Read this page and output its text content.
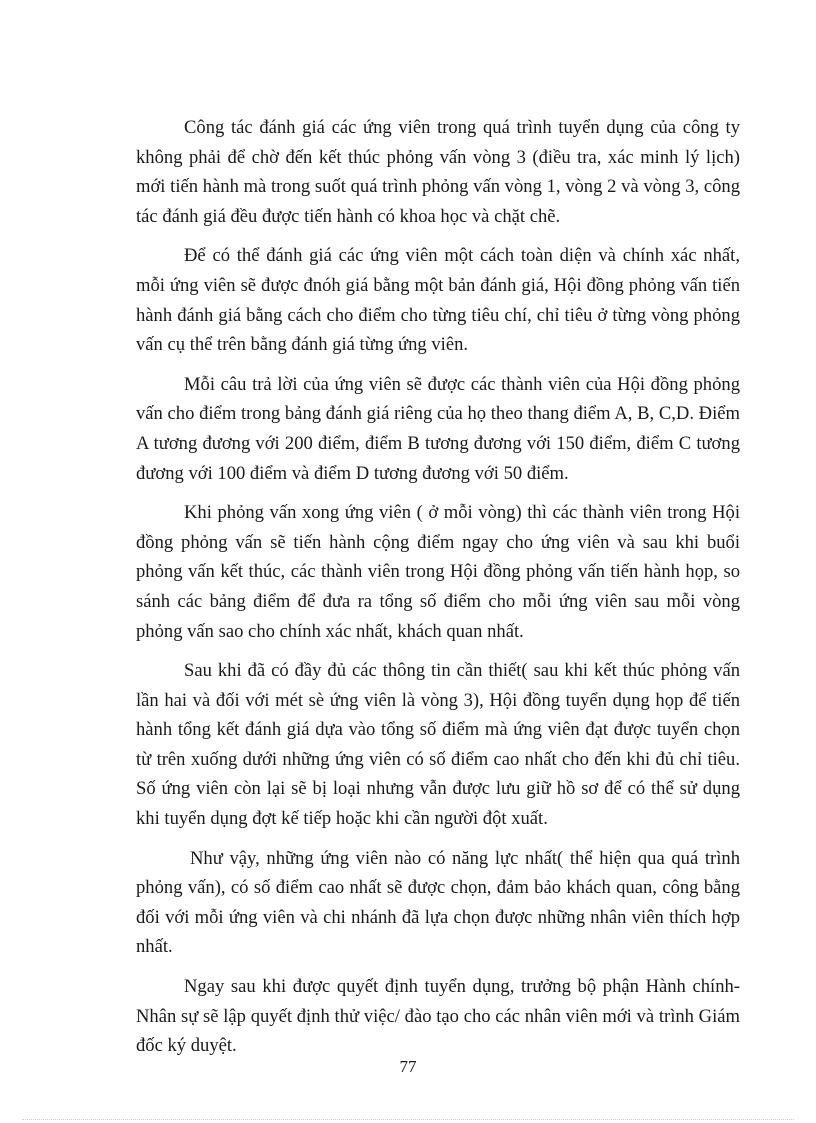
Công tác đánh giá các ứng viên trong quá trình tuyển dụng của công ty không phải để chờ đến kết thúc phỏng vấn vòng 3 (điều tra, xác minh lý lịch) mới tiến hành mà trong suốt quá trình phỏng vấn vòng 1, vòng 2 và vòng 3, công tác đánh giá đều được tiến hành có khoa học và chặt chẽ.

Để có thể đánh giá các ứng viên một cách toàn diện và chính xác nhất, mỗi ứng viên sẽ được đnóh giá bằng một bản đánh giá, Hội đồng phỏng vấn tiến hành đánh giá bằng cách cho điểm cho từng tiêu chí, chỉ tiêu ở từng vòng phỏng vấn cụ thể trên bằng đánh giá từng ứng viên.

Mỗi câu trả lời của ứng viên sẽ được các thành viên của Hội đồng phỏng vấn cho điểm trong bảng đánh giá riêng của họ theo thang điểm A, B, C,D. Điểm A tương đương với 200 điểm, điểm B tương đương với 150 điểm, điểm C tương đương với 100 điểm và điểm D tương đương với 50 điểm.

Khi phỏng vấn xong ứng viên ( ở mỗi vòng) thì các thành viên trong Hội đồng phỏng vấn sẽ tiến hành cộng điểm ngay cho ứng viên và sau khi buổi phỏng vấn kết thúc, các thành viên trong Hội đồng phỏng vấn tiến hành họp, so sánh các bảng điểm để đưa ra tổng số điểm cho mỗi ứng viên sau mỗi vòng phỏng vấn sao cho chính xác nhất, khách quan nhất.

Sau khi đã có đầy đủ các thông tin cần thiết( sau khi kết thúc phỏng vấn lần hai và đối với mét sè ứng viên là vòng 3), Hội đồng tuyển dụng họp để tiến hành tổng kết đánh giá dựa vào tổng số điểm mà ứng viên đạt được tuyển chọn từ trên xuống dưới những ứng viên có số điểm cao nhất cho đến khi đủ chỉ tiêu. Số ứng viên còn lại sẽ bị loại nhưng vẫn được lưu giữ hồ sơ để có thể sử dụng khi tuyển dụng đợt kế tiếp hoặc khi cần người đột xuất.

Như vậy, những ứng viên nào có năng lực nhất( thể hiện qua quá trình phỏng vấn), có số điểm cao nhất sẽ được chọn, đảm bảo khách quan, công bằng đối với mỗi ứng viên và chi nhánh đã lựa chọn được những nhân viên thích hợp nhất.

Ngay sau khi được quyết định tuyển dụng, trưởng bộ phận Hành chính-Nhân sự sẽ lập quyết định thử việc/ đào tạo cho các nhân viên mới và trình Giám đốc ký duyệt.

77
